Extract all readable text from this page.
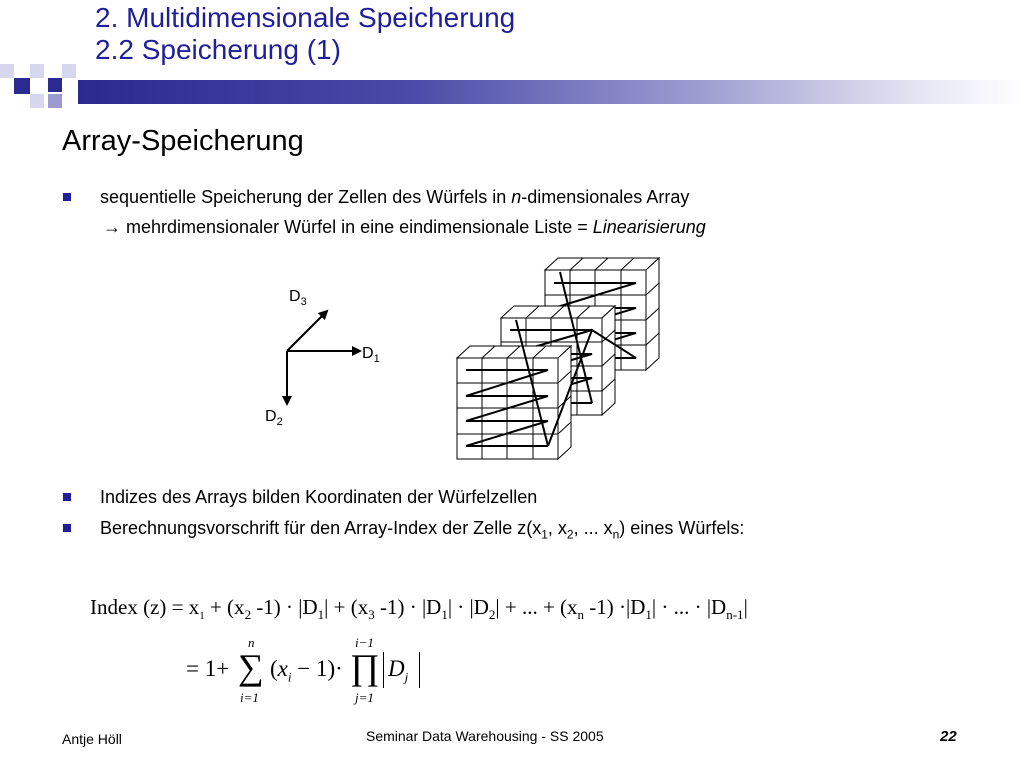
2. Multidimensionale Speicherung
2.2 Speicherung (1)
Array-Speicherung
sequentielle Speicherung der Zellen des Würfels in n-dimensionales Array
→ mehrdimensionaler Würfel in eine eindimensionale Liste = Linearisierung
$D_3$
$D_1$
$D_2$
Indizes des Arrays bilden Koordinaten der Würfelzellen
Berechnungsvorschrift für den Array-Index der Zelle $z(x_1$, $x_2$, ... $x_n$) eines Würfels:
Index $(z) = x_1 + (x_2$ $-1) \cdot |D_1| + (x_3$ $-1) \cdot |D_1| \cdot |D_2|$ + ... + ($x_n$ $-1) \cdot|D_1|$ · ... · $|D_{n-1}|$
= 1+
n
∑
i=1
$(x_i - 1)\cdot$
i−1
∏
j=1
$D_j$
Antje Höll	Seminar Data Warehousing - SS 2005	22
